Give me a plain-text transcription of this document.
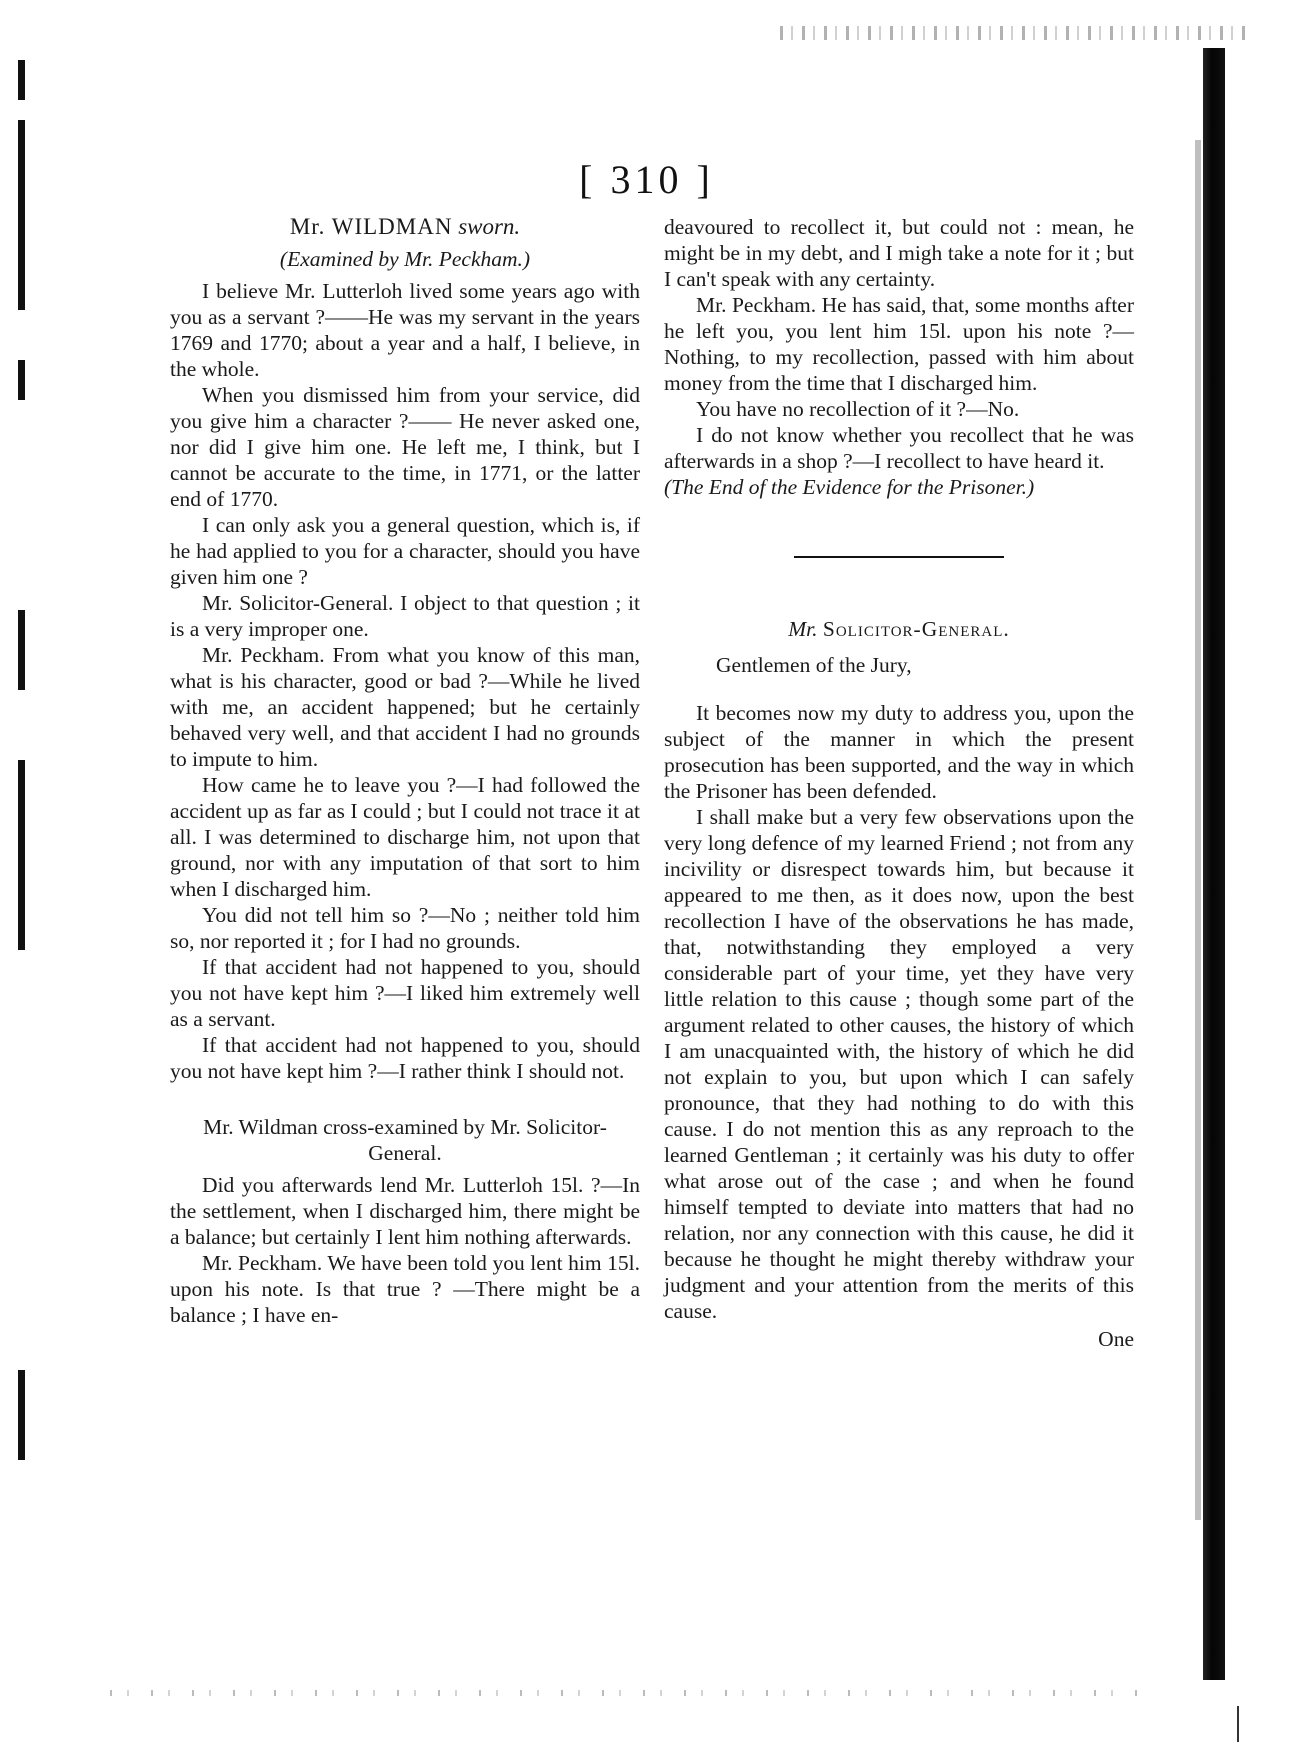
[ 310 ]
Mr. WILDMAN sworn.
(Examined by Mr. Peckham.)

I believe Mr. Lutterloh lived some years ago with you as a servant ?——He was my servant in the years 1769 and 1770; about a year and a half, I believe, in the whole.

When you dismissed him from your service, did you give him a character ?—— He never asked one, nor did I give him one. He left me, I think, but I cannot be accurate to the time, in 1771, or the latter end of 1770.

I can only ask you a general question, which is, if he had applied to you for a character, should you have given him one ?

Mr. Solicitor-General. I object to that question ; it is a very improper one.

Mr. Peckham. From what you know of this man, what is his character, good or bad ?—While he lived with me, an accident happened; but he certainly behaved very well, and that accident I had no grounds to impute to him.

How came he to leave you ?—I had followed the accident up as far as I could ; but I could not trace it at all. I was determined to discharge him, not upon that ground, nor with any imputation of that sort to him when I discharged him.

You did not tell him so ?—No ; neither told him so, nor reported it ; for I had no grounds.

If that accident had not happened to you, should you not have kept him ?—I liked him extremely well as a servant.

If that accident had not happened to you, should you not have kept him ?—I rather think I should not.

Mr. Wildman cross-examined by Mr. Solicitor-General.

Did you afterwards lend Mr. Lutterloh 15l. ?—In the settlement, when I discharged him, there might be a balance; but certainly I lent him nothing afterwards.

Mr. Peckham. We have been told you lent him 15l. upon his note. Is that true ? —There might be a balance ; I have en-

deavoured to recollect it, but could not : mean, he might be in my debt, and I migh take a note for it ; but I can't speak with any certainty.

Mr. Peckham. He has said, that, some months after he left you, you lent him 15l. upon his note ?—Nothing, to my recollection, passed with him about money from the time that I discharged him.

You have no recollection of it ?—No.

I do not know whether you recollect that he was afterwards in a shop ?—I recollect to have heard it.

(The End of the Evidence for the Prisoner.)

Mr. Solicitor-General.

Gentlemen of the Jury,

It becomes now my duty to address you, upon the subject of the manner in which the present prosecution has been supported, and the way in which the Prisoner has been defended.

I shall make but a very few observations upon the very long defence of my learned Friend ; not from any incivility or disrespect towards him, but because it appeared to me then, as it does now, upon the best recollection I have of the observations he has made, that, notwithstanding they employed a very considerable part of your time, yet they have very little relation to this cause ; though some part of the argument related to other causes, the history of which I am unacquainted with, the history of which he did not explain to you, but upon which I can safely pronounce, that they had nothing to do with this cause. I do not mention this as any reproach to the learned Gentleman ; it certainly was his duty to offer what arose out of the case ; and when he found himself tempted to deviate into matters that had no relation, nor any connection with this cause, he did it because he thought he might thereby withdraw your judgment and your attention from the merits of this cause.

One
